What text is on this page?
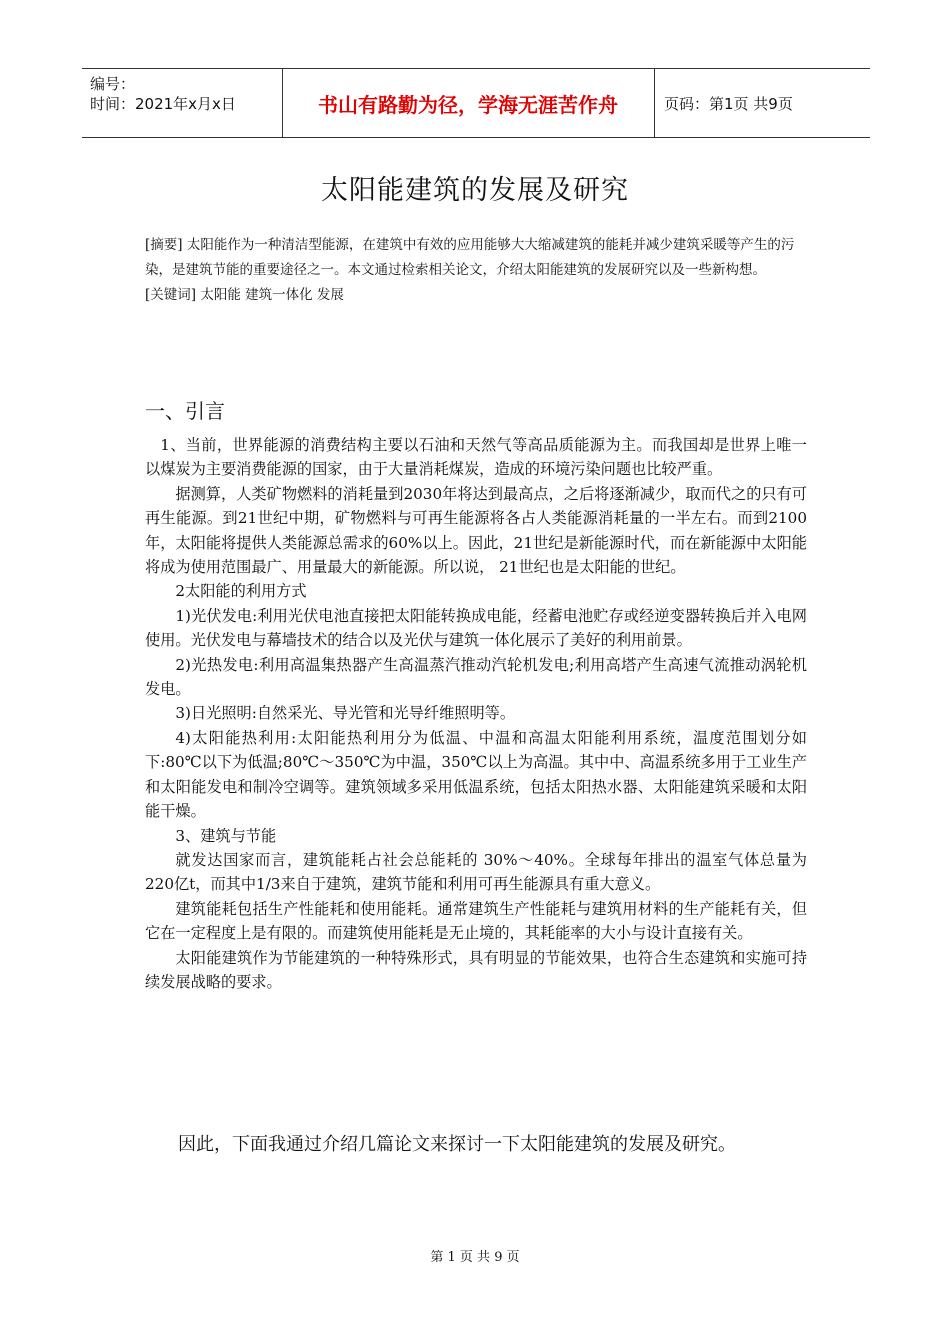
编号：
时间：2021年x月x日	书山有路勤为径，学海无涯苦作舟	页码：第1页 共9页
太阳能建筑的发展及研究

[摘要] 太阳能作为一种清洁型能源，在建筑中有效的应用能够大大缩减建筑的能耗并减少建筑采暖等产生的污染，是建筑节能的重要途径之一。本文通过检索相关论文，介绍太阳能建筑的发展研究以及一些新构想。

[关键词] 太阳能 建筑一体化 发展

一、引言

1、当前，世界能源的消费结构主要以石油和天然气等高品质能源为主。而我国却是世界上唯一以煤炭为主要消费能源的国家，由于大量消耗煤炭，造成的环境污染问题也比较严重。

据测算，人类矿物燃料的消耗量到2030年将达到最高点，之后将逐渐减少，取而代之的只有可再生能源。到21世纪中期，矿物燃料与可再生能源将各占人类能源消耗量的一半左右。而到2100年，太阳能将提供人类能源总需求的60%以上。因此，21世纪是新能源时代，而在新能源中太阳能将成为使用范围最广、用量最大的新能源。所以说， 21世纪也是太阳能的世纪。

2太阳能的利用方式

1)光伏发电:利用光伏电池直接把太阳能转换成电能，经蓄电池贮存或经逆变器转换后并入电网使用。光伏发电与幕墙技术的结合以及光伏与建筑一体化展示了美好的利用前景。

2)光热发电:利用高温集热器产生高温蒸汽推动汽轮机发电;利用高塔产生高速气流推动涡轮机发电。

3)日光照明:自然采光、导光管和光导纤维照明等。

4)太阳能热利用:太阳能热利用分为低温、中温和高温太阳能利用系统，温度范围划分如下:80℃以下为低温;80℃～350℃为中温，350℃以上为高温。其中中、高温系统多用于工业生产和太阳能发电和制冷空调等。建筑领域多采用低温系统，包括太阳热水器、太阳能建筑采暖和太阳能干燥。

3、建筑与节能

就发达国家而言，建筑能耗占社会总能耗的 30%～40%。全球每年排出的温室气体总量为220亿t，而其中1/3来自于建筑，建筑节能和利用可再生能源具有重大意义。

建筑能耗包括生产性能耗和使用能耗。通常建筑生产性能耗与建筑用材料的生产能耗有关，但它在一定程度上是有限的。而建筑使用能耗是无止境的，其耗能率的大小与设计直接有关。

太阳能建筑作为节能建筑的一种特殊形式，具有明显的节能效果，也符合生态建筑和实施可持续发展战略的要求。

因此，下面我通过介绍几篇论文来探讨一下太阳能建筑的发展及研究。
第 1 页 共 9 页
